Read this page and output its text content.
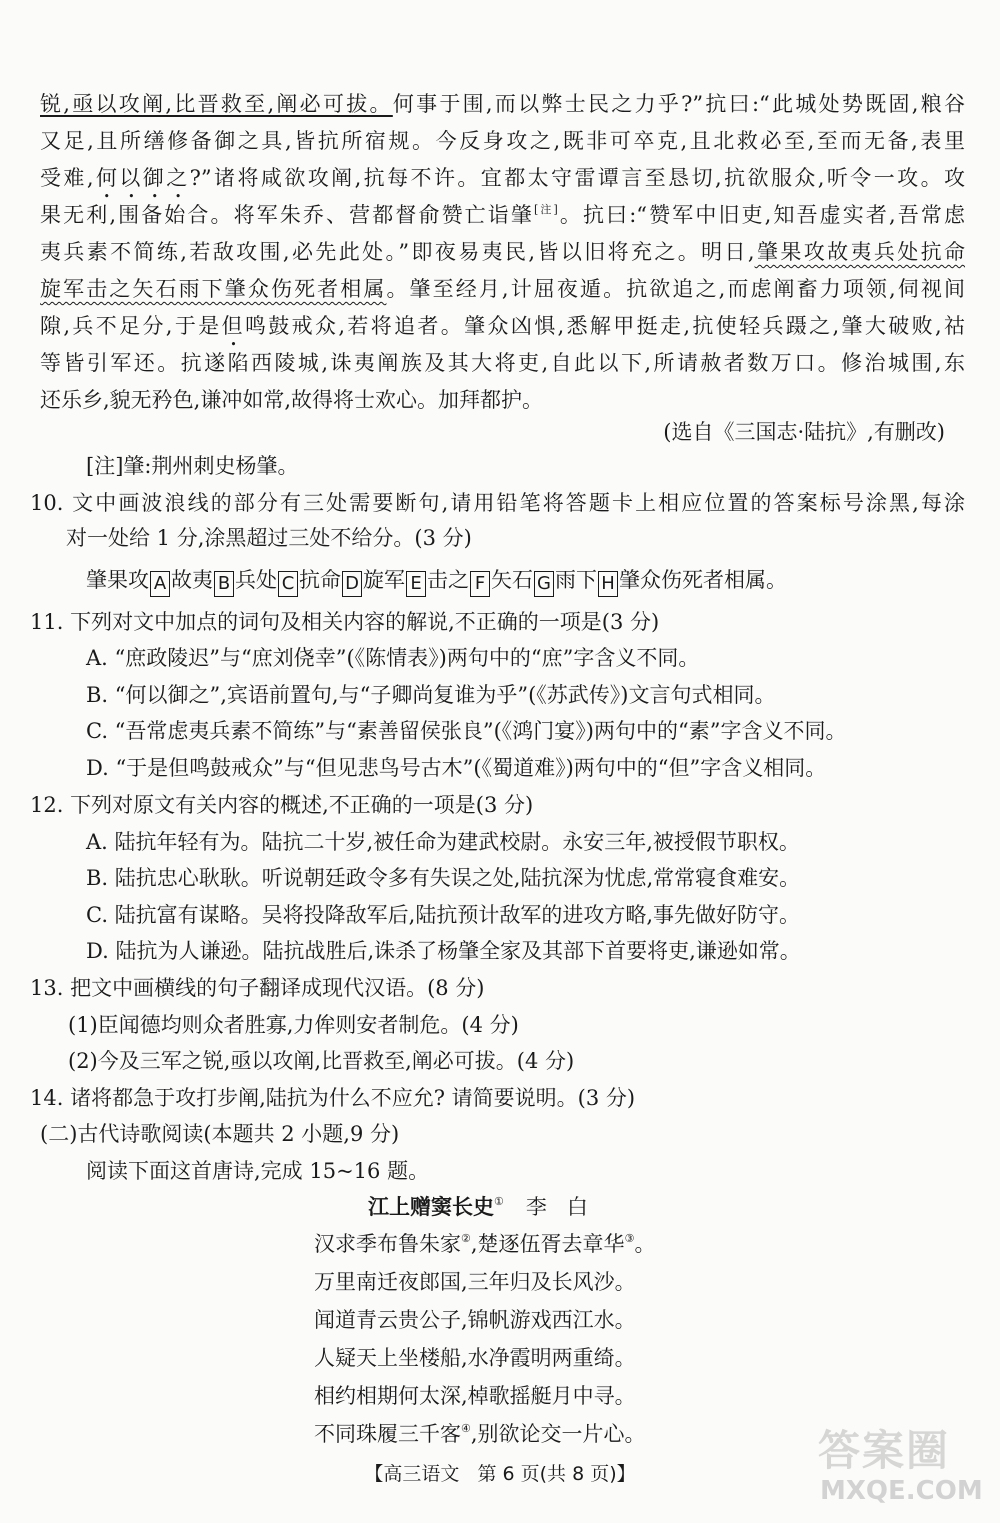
锐,亟以攻阐,比晋救至,阐必可拔。何事于围,而以弊士民之力乎?”抗曰:“此城处势既固,粮谷
又足,且所缮修备御之具,皆抗所宿规。今反身攻之,既非可卒克,且北救必至,至而无备,表里
受难,何以御之?”诸将咸欲攻阐,抗每不许。宜都太守雷谭言至恳切,抗欲服众,听令一攻。攻
果无利,围备始合。将军朱乔、营都督俞赞亡诣肇[注]。抗曰:“赞军中旧吏,知吾虚实者,吾常虑
夷兵素不简练,若敌攻围,必先此处。”即夜易夷民,皆以旧将充之。明日,肇果攻故夷兵处抗命
旋军击之矢石雨下肇众伤死者相属。肇至经月,计屈夜遁。抗欲追之,而虑阐畜力项领,伺视间
隙,兵不足分,于是但鸣鼓戒众,若将追者。肇众凶惧,悉解甲挺走,抗使轻兵蹑之,肇大破败,祜
等皆引军还。抗遂陷西陵城,诛夷阐族及其大将吏,自此以下,所请赦者数万口。修治城围,东
还乐乡,貌无矜色,谦冲如常,故得将士欢心。加拜都护。
(选自《三国志·陆抗》,有删改)
[注]肇:荆州刺史杨肇。
10. 文中画波浪线的部分有三处需要断句,请用铅笔将答题卡上相应位置的答案标号涂黑,每涂
对一处给 1 分,涂黑超过三处不给分。(3 分)
肇果攻 A 故夷 B 兵处 C 抗命 D 旋军 E 击之 F 矢石 G 雨下 H 肇众伤死者相属。
11. 下列对文中加点的词句及相关内容的解说,不正确的一项是(3 分)
A. “庶政陵迟”与“庶刘侥幸”(《陈情表》)两句中的“庶”字含义不同。
B. “何以御之”,宾语前置句,与“子卿尚复谁为乎”(《苏武传》)文言句式相同。
C. “吾常虑夷兵素不简练”与“素善留侯张良”(《鸿门宴》)两句中的“素”字含义不同。
D. “于是但鸣鼓戒众”与“但见悲鸟号古木”(《蜀道难》)两句中的“但”字含义相同。
12. 下列对原文有关内容的概述,不正确的一项是(3 分)
A. 陆抗年轻有为。陆抗二十岁,被任命为建武校尉。永安三年,被授假节职权。
B. 陆抗忠心耿耿。听说朝廷政令多有失误之处,陆抗深为忧虑,常常寝食难安。
C. 陆抗富有谋略。吴将投降敌军后,陆抗预计敌军的进攻方略,事先做好防守。
D. 陆抗为人谦逊。陆抗战胜后,诛杀了杨肇全家及其部下首要将吏,谦逊如常。
13. 把文中画横线的句子翻译成现代汉语。(8 分)
(1)臣闻德均则众者胜寡,力侔则安者制危。(4 分)
(2)今及三军之锐,亟以攻阐,比晋救至,阐必可拔。(4 分)
14. 诸将都急于攻打步阐,陆抗为什么不应允? 请简要说明。(3 分)
(二)古代诗歌阅读(本题共 2 小题,9 分)
阅读下面这首唐诗,完成 15~16 题。
江上赠窦长史① 李   白
汉求季布鲁朱家②,楚逐伍胥去章华③。
万里南迁夜郎国,三年归及长风沙。
闻道青云贵公子,锦帆游戏西江水。
人疑天上坐楼船,水净霞明两重绮。
相约相期何太深,棹歌摇艇月中寻。
不同珠履三千客④,别欲论交一片心。
【高三语文   第 6 页(共 8 页)】	答案圈
MXQE.COM
